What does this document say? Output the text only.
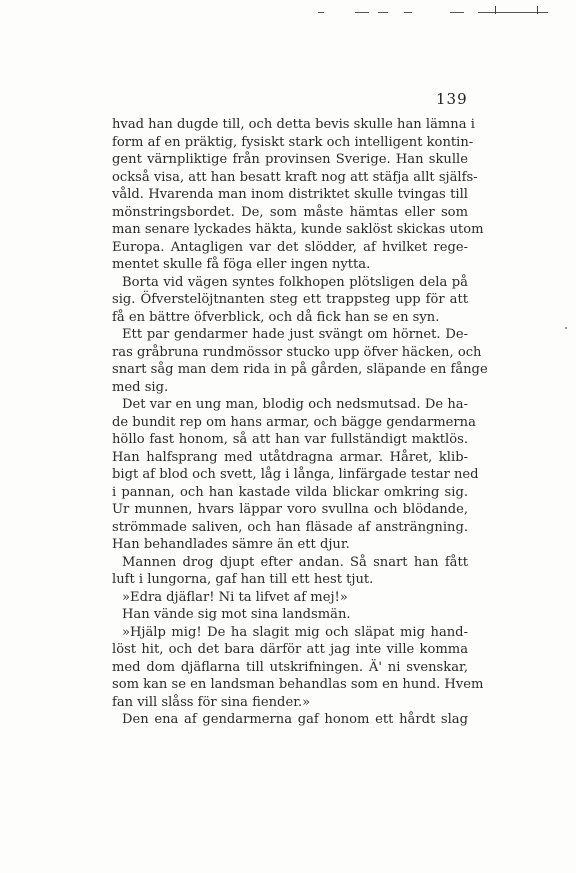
139
hvad han dugde till, och detta bevis skulle han lämna i
form af en präktig, fysiskt stark och intelligent kontin-
gent värnpliktige från provinsen Sverige. Han skulle
också visa, att han besatt kraft nog att stäfja allt själfs-
våld. Hvarenda man inom distriktet skulle tvingas till
mönstringsbordet. De, som måste hämtas eller som
man senare lyckades häkta, kunde saklöst skickas utom
Europa. Antagligen var det slödder, af hvilket rege-
mentet skulle få föga eller ingen nytta.
Borta vid vägen syntes folkhopen plötsligen dela på
sig. Öfverstelöjtnanten steg ett trappsteg upp för att
få en bättre öfverblick, och då fick han se en syn.
Ett par gendarmer hade just svängt om hörnet. De-
ras gråbruna rundmössor stucko upp öfver häcken, och
snart såg man dem rida in på gården, släpande en fånge
med sig.
Det var en ung man, blodig och nedsmutsad. De ha-
de bundit rep om hans armar, och bägge gendarmerna
höllo fast honom, så att han var fullständigt maktlös.
Han halfsprang med utåtdragna armar. Håret, klib-
bigt af blod och svett, låg i långa, linfärgade testar ned
i pannan, och han kastade vilda blickar omkring sig.
Ur munnen, hvars läppar voro svullna och blödande,
strömmade saliven, och han fläsade af ansträngning.
Han behandlades sämre än ett djur.
Mannen drog djupt efter andan. Så snart han fått
luft i lungorna, gaf han till ett hest tjut.
»Edra djäflar! Ni ta lifvet af mej!»
Han vände sig mot sina landsmän.
»Hjälp mig! De ha slagit mig och släpat mig hand-
löst hit, och det bara därför att jag inte ville komma
med dom djäflarna till utskrifningen. Ä' ni svenskar,
som kan se en landsman behandlas som en hund. Hvem
fan vill slåss för sina fiender.»
Den ena af gendarmerna gaf honom ett hårdt slag
